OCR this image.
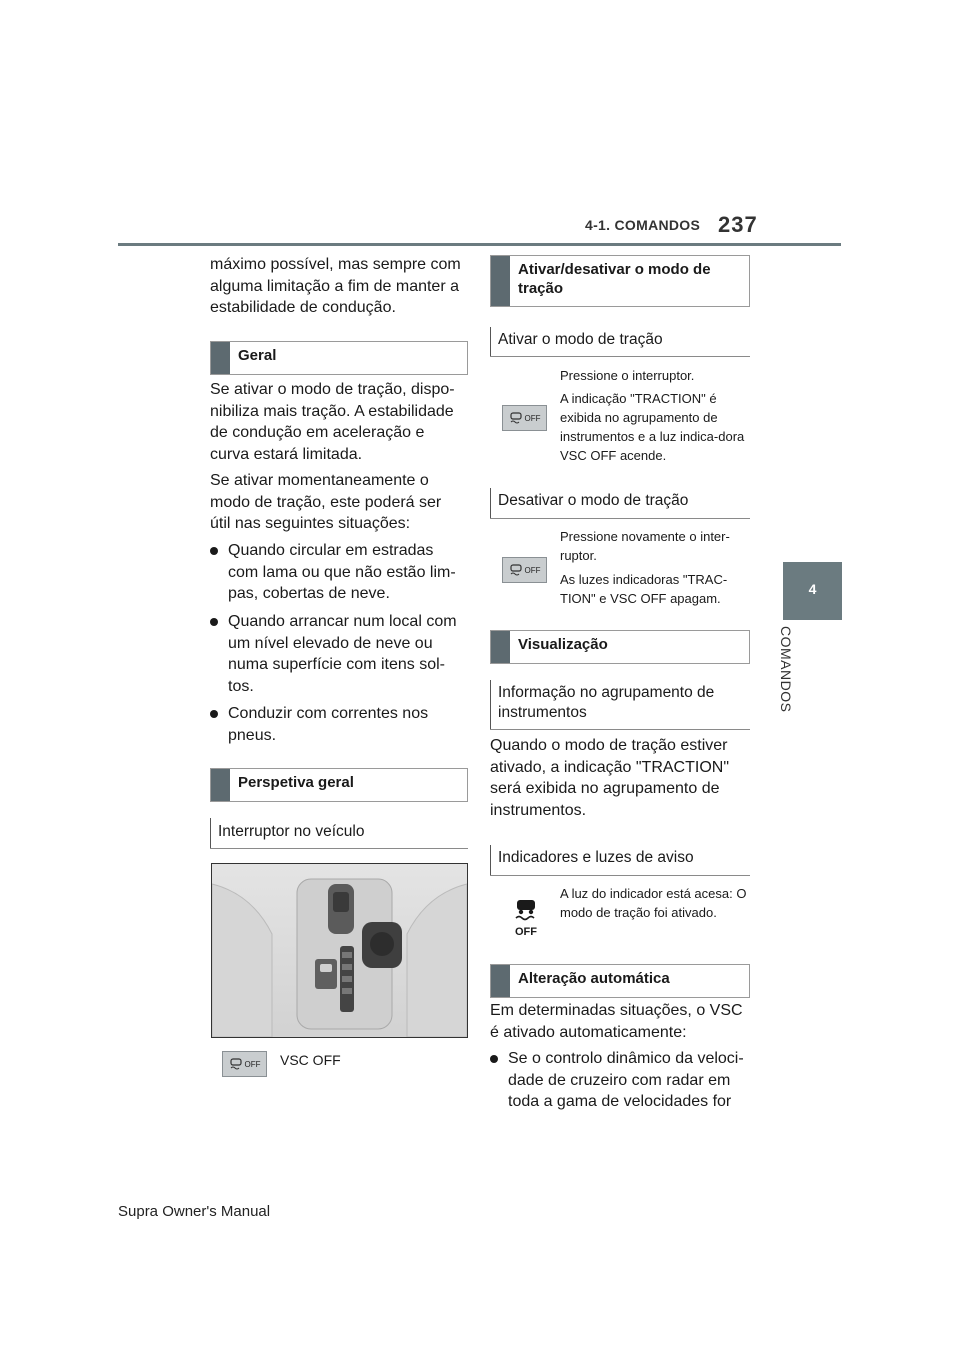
4-1. COMANDOS 237
4
COMANDOS
máximo possível, mas sempre com alguma limitação a fim de manter a estabilidade de condução.
Geral
Se ativar o modo de tração, dispo-nibiliza mais tração. A estabilidade de condução em aceleração e curva estará limitada.
Se ativar momentaneamente o modo de tração, este poderá ser útil nas seguintes situações:
Quando circular em estradas com lama ou que não estão lim-pas, cobertas de neve.
Quando arrancar num local com um nível elevado de neve ou numa superfície com itens sol-tos.
Conduzir com correntes nos pneus.
Perspetiva geral
Interruptor no veículo
OFF VSC OFF
Ativar/desativar o modo de tração
Ativar o modo de tração
OFF
Pressione o interruptor.
A indicação "TRACTION" é exibida no agrupamento de instrumentos e a luz indica-dora VSC OFF acende.
Desativar o modo de tração
OFF
Pressione novamente o inter-ruptor.
As luzes indicadoras "TRAC-TION" e VSC OFF apagam.
Visualização
Informação no agrupamento de instrumentos
Quando o modo de tração estiver ativado, a indicação "TRACTION" será exibida no agrupamento de instrumentos.
Indicadores e luzes de aviso
OFF
A luz do indicador está acesa: O modo de tração foi ativado.
Alteração automática
Em determinadas situações, o VSC é ativado automaticamente:
Se o controlo dinâmico da veloci-dade de cruzeiro com radar em toda a gama de velocidades for
Supra Owner's Manual
